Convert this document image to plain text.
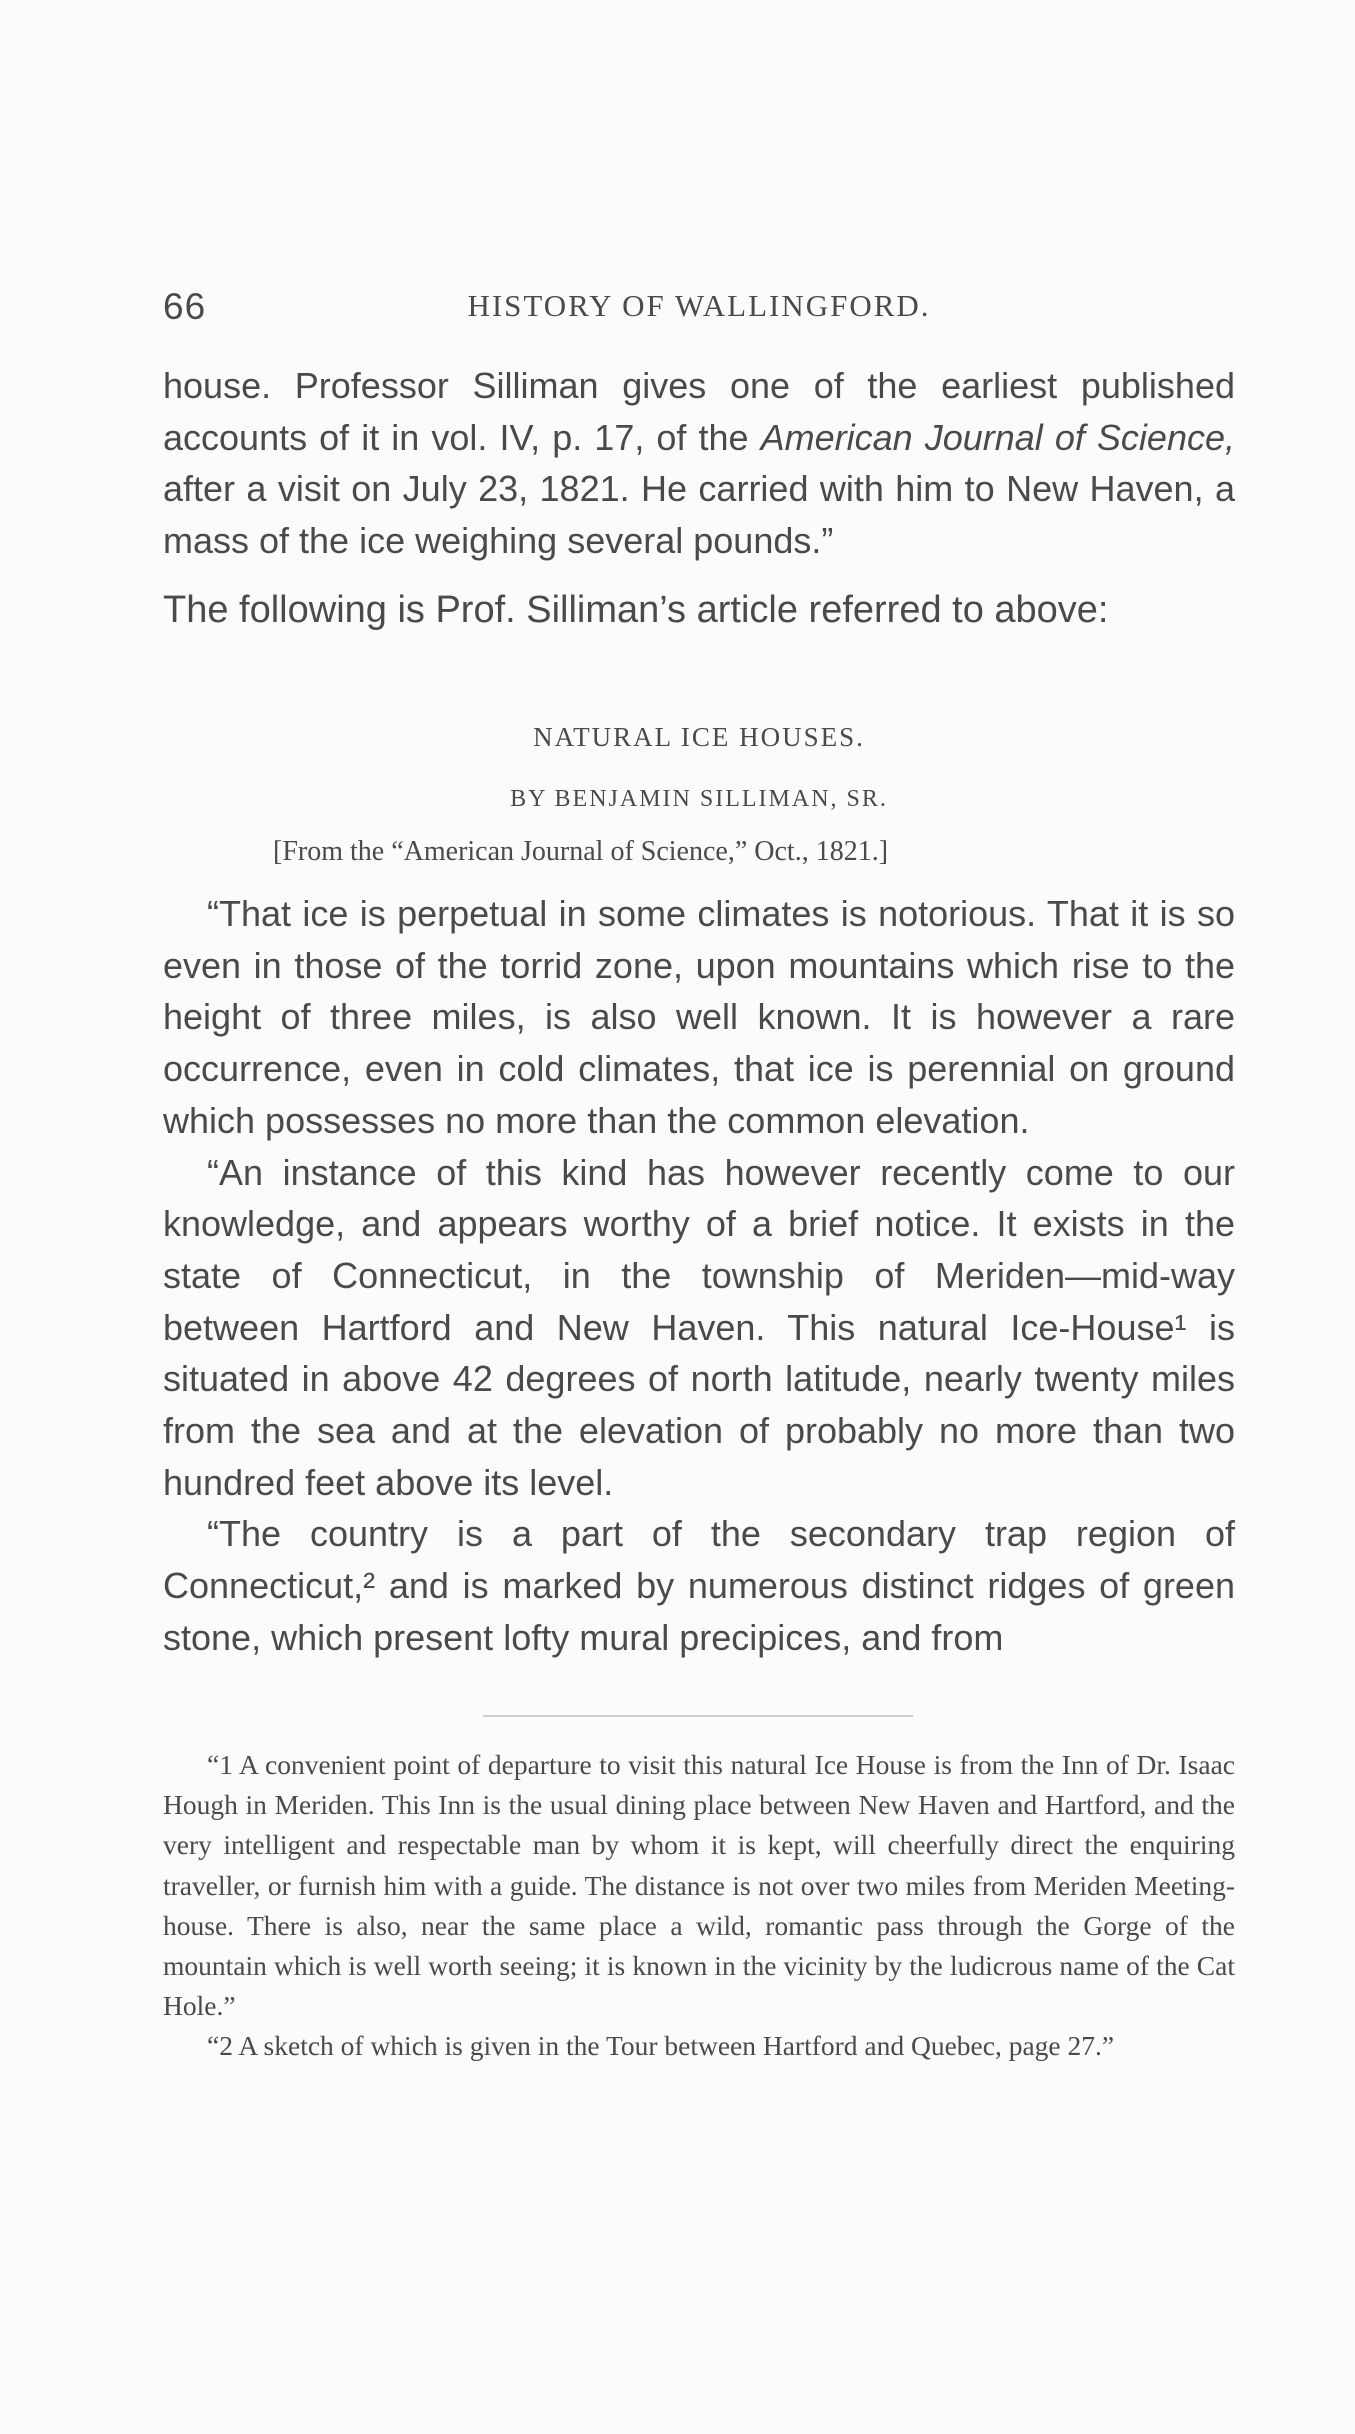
66	HISTORY OF WALLINGFORD.
house. Professor Silliman gives one of the earliest published accounts of it in vol. IV, p. 17, of the American Journal of Science, after a visit on July 23, 1821. He carried with him to New Haven, a mass of the ice weighing several pounds.”
The following is Prof. Silliman’s article referred to above:
NATURAL ICE HOUSES.
BY BENJAMIN SILLIMAN, SR.
[From the “American Journal of Science,” Oct., 1821.]

“That ice is perpetual in some climates is notorious. That it is so even in those of the torrid zone, upon mountains which rise to the height of three miles, is also well known. It is however a rare occurrence, even in cold climates, that ice is perennial on ground which possesses no more than the common elevation.

“An instance of this kind has however recently come to our knowledge, and appears worthy of a brief notice. It exists in the state of Connecticut, in the township of Meriden—mid-way between Hartford and New Haven. This natural Ice-House¹ is situated in above 42 degrees of north latitude, nearly twenty miles from the sea and at the elevation of probably no more than two hundred feet above its level.

“The country is a part of the secondary trap region of Connecticut,² and is marked by numerous distinct ridges of green stone, which present lofty mural precipices, and from

“1 A convenient point of departure to visit this natural Ice House is from the Inn of Dr. Isaac Hough in Meriden. This Inn is the usual dining place between New Haven and Hartford, and the very intelligent and respectable man by whom it is kept, will cheerfully direct the enquiring traveller, or furnish him with a guide. The distance is not over two miles from Meriden Meeting-house. There is also, near the same place a wild, romantic pass through the Gorge of the mountain which is well worth seeing; it is known in the vicinity by the ludicrous name of the Cat Hole.”

“2 A sketch of which is given in the Tour between Hartford and Quebec, page 27.”
